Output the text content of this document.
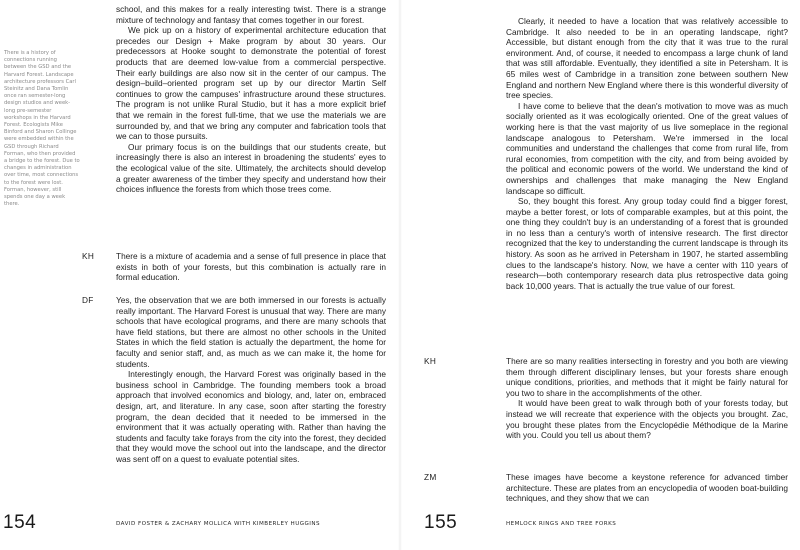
There is a history of connections running between the GSD and the Harvard Forest. Landscape architecture professors Carl Steinitz and Dana Tomlin once ran semester-long design studios and week-long pre-semester workshops in the Harvard Forest. Ecologists Mike Binford and Sharon Collinge were embedded within the GSD through Richard Forman, who then provided a bridge to the forest. Due to changes in administration over time, most connections to the forest were lost. Forman, however, still spends one day a week there.

school, and this makes for a really interesting twist. There is a strange mixture of technology and fantasy that comes together in our forest.

We pick up on a history of experimental architecture education that precedes our Design + Make program by about 30 years. Our predecessors at Hooke sought to demonstrate the potential of forest products that are deemed low-value from a commercial perspective. Their early buildings are also now sit in the center of our campus. The design–build–oriented program set up by our director Martin Self continues to grow the campuses' infrastructure around these structures. The program is not unlike Rural Studio, but it has a more explicit brief that we remain in the forest full-time, that we use the materials we are surrounded by, and that we bring any computer and fabrication tools that we can to those pursuits.

Our primary focus is on the buildings that our students create, but increasingly there is also an interest in broadening the students' eyes to the ecological value of the site. Ultimately, the architects should develop a greater awareness of the timber they specify and understand how their choices influence the forests from which those trees come.

KH	There is a mixture of academia and a sense of full presence in place that exists in both of your forests, but this combination is actually rare in formal education.

DF	Yes, the observation that we are both immersed in our forests is actually really important. The Harvard Forest is unusual that way. There are many schools that have ecological programs, and there are many schools that have field stations, but there are almost no other schools in the United States in which the field station is actually the department, the home for faculty and senior staff, and, as much as we can make it, the home for students.

Interestingly enough, the Harvard Forest was originally based in the business school in Cambridge. The founding members took a broad approach that involved economics and biology, and, later on, embraced design, art, and literature. In any case, soon after starting the forestry program, the dean decided that it needed to be immersed in the environment that it was actually operating with. Rather than having the students and faculty take forays from the city into the forest, they decided that they would move the school out into the landscape, and the director was sent off on a quest to evaluate potential sites.

154	DAVID FOSTER & ZACHARY MOLLICA WITH KIMBERLEY HUGGINS

Clearly, it needed to have a location that was relatively accessible to Cambridge. It also needed to be in an operating landscape, right? Accessible, but distant enough from the city that it was true to the rural environment. And, of course, it needed to encompass a large chunk of land that was still affordable. Eventually, they identified a site in Petersham. It is 65 miles west of Cambridge in a transition zone between southern New England and northern New England where there is this wonderful diversity of tree species.

I have come to believe that the dean's motivation to move was as much socially oriented as it was ecologically oriented. One of the great values of working here is that the vast majority of us live someplace in the regional landscape analogous to Petersham. We're immersed in the local communities and understand the challenges that come from rural life, from rural economies, from competition with the city, and from being avoided by the political and economic powers of the world. We understand the kind of ownerships and challenges that make managing the New England landscape so difficult.

So, they bought this forest. Any group today could find a bigger forest, maybe a better forest, or lots of comparable examples, but at this point, the one thing they couldn't buy is an understanding of a forest that is grounded in no less than a century's worth of intensive research. The first director recognized that the key to understanding the current landscape is through its history. As soon as he arrived in Petersham in 1907, he started assembling clues to the landscape's history. Now, we have a center with 110 years of research—both contemporary research data plus retrospective data going back 10,000 years. That is actually the true value of our forest.

KH	There are so many realities intersecting in forestry and you both are viewing them through different disciplinary lenses, but your forests share enough unique conditions, priorities, and methods that it might be fairly natural for you two to share in the accomplishments of the other.

It would have been great to walk through both of your forests today, but instead we will recreate that experience with the objects you brought. Zac, you brought these plates from the Encyclopédie Méthodique de la Marine with you. Could you tell us about them?

ZM	These images have become a keystone reference for advanced timber architecture. These are plates from an encyclopedia of wooden boat-building techniques, and they show that we can

155	HEMLOCK RINGS AND TREE FORKS
